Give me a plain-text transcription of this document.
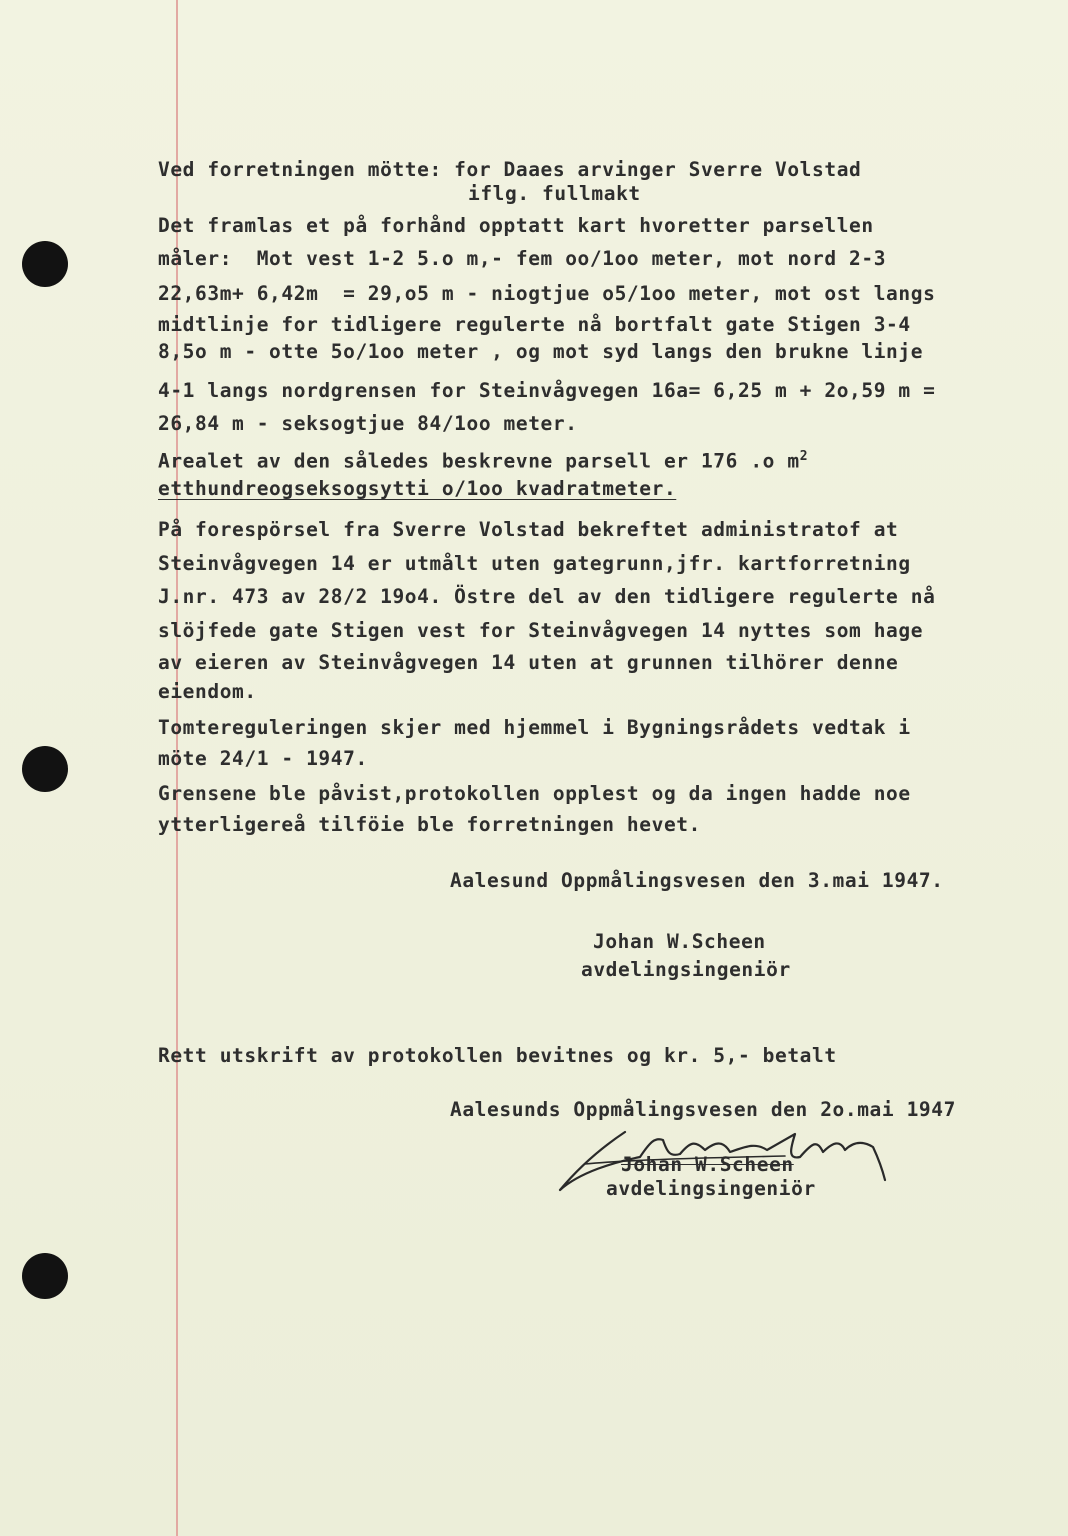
Ved forretningen mötte: for Daaes arvinger Sverre Volstad
iflg. fullmakt
Det framlas et på forhånd opptatt kart hvoretter parsellen
måler:  Mot vest 1-2 5.o m,- fem oo/1oo meter, mot nord 2-3
22,63m+ 6,42m  = 29,o5 m - niogtjue o5/1oo meter, mot ost langs
midtlinje for tidligere regulerte nå bortfalt gate Stigen 3-4
8,5o m - otte 5o/1oo meter , og mot syd langs den brukne linje
4-1 langs nordgrensen for Steinvågvegen 16a= 6,25 m + 2o,59 m =
26,84 m - seksogtjue 84/1oo meter.
Arealet av den således beskrevne parsell er 176 .o $m^2$
etthundreogseksogsytti o/1oo kvadratmeter.
På forespörsel fra Sverre Volstad bekreftet administratof at
Steinvågvegen 14 er utmålt uten gategrunn,jfr. kartforretning
J.nr. 473 av 28/2 19o4. Östre del av den tidligere regulerte nå
slöjfede gate Stigen vest for Steinvågvegen 14 nyttes som hage
av eieren av Steinvågvegen 14 uten at grunnen tilhörer denne
eiendom.
Tomtereguleringen skjer med hjemmel i Bygningsrådets vedtak i
möte 24/1 - 1947.
Grensene ble påvist,protokollen opplest og da ingen hadde noe
ytterligereå tilföie ble forretningen hevet.
Aalesund Oppmålingsvesen den 3.mai 1947.
Johan W.Scheen
avdelingsingeniör
Rett utskrift av protokollen bevitnes og kr. 5,- betalt
Aalesunds Oppmålingsvesen den 2o.mai 1947
Johan W.Scheen
avdelingsingeniör
